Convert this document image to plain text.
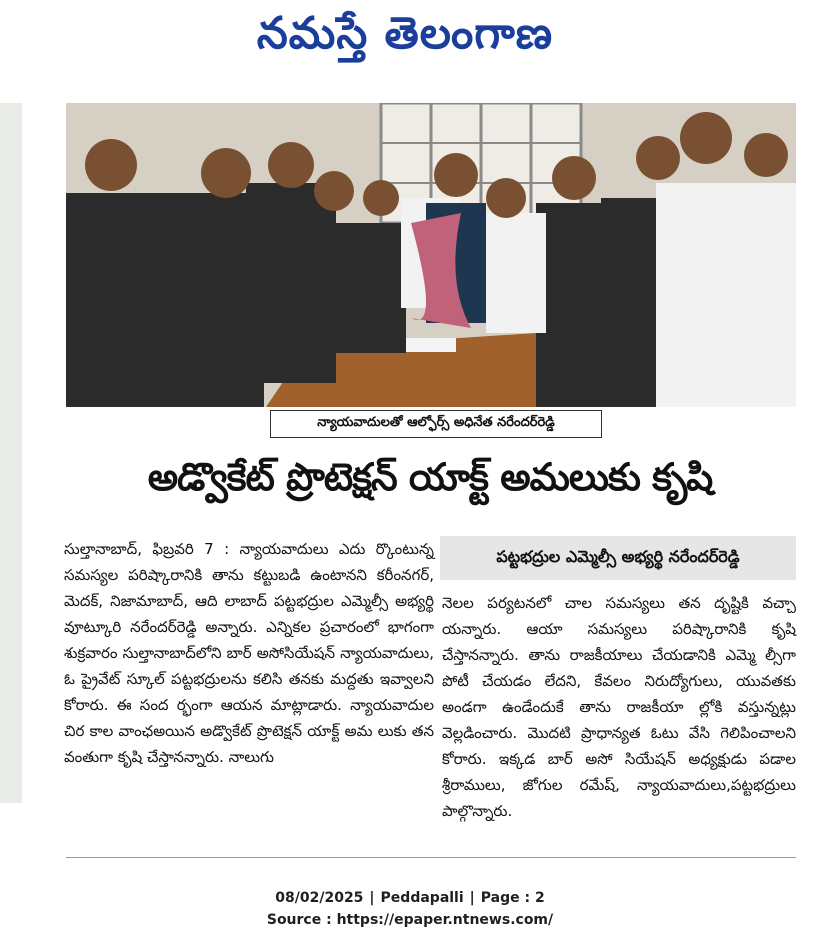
నమస్తే తెలంగాణ
న్యాయవాదులతో ఆల్ఫోర్స్ అధినేత నరేందర్‌రెడ్డి
అడ్వొకేట్ ప్రొటెక్షన్ యాక్ట్ అమలుకు కృషి
సుల్తానాబాద్, ఫిబ్రవరి 7 : న్యాయవాదులు ఎదు ర్కొంటున్న సమస్యల పరిష్కారానికి తాను కట్టుబడి ఉంటానని కరీంనగర్, మెదక్, నిజామాబాద్, ఆది లాబాద్ పట్టభద్రుల ఎమ్మెల్సీ అభ్యర్థి వూట్కూరి నరేందర్‌రెడ్డి అన్నారు. ఎన్నికల ప్రచారంలో భాగంగా శుక్రవారం సుల్తానాబాద్‌లోని బార్ అసోసియేషన్ న్యాయవాదులు, ఓ ప్రైవేట్ స్కూల్ పట్టభద్రులను కలిసి తనకు మద్దతు ఇవ్వాలని కోరారు. ఈ సంద ర్భంగా ఆయన మాట్లాడారు. న్యాయవాదుల చిర కాల వాంఛఅయిన అడ్వొకేట్ ప్రొటెక్షన్ యాక్ట్ అమ లుకు తన వంతుగా కృషి చేస్తానన్నారు. నాలుగు
పట్టభద్రుల ఎమ్మెల్సీ అభ్యర్థి నరేందర్‌రెడ్డి
నెలల పర్యటనలో చాల సమస్యలు తన దృష్టికి వచ్చా యన్నారు. ఆయా సమస్యలు పరిష్కారానికి కృషి చేస్తానన్నారు. తాను రాజకీయాలు చేయడానికి ఎమ్మె ల్సీగా పోటీ చేయడం లేదని, కేవలం నిరుద్యోగులు, యువతకు అండగా ఉండేందుకే తాను రాజకీయా ల్లోకి వస్తున్నట్లు వెల్లడించారు. మొదటి ప్రాధాన్యత ఓటు వేసి గెలిపించాలని కోరారు. ఇక్కడ బార్ అసో సియేషన్ అధ్యక్షుడు పడాల శ్రీరాములు, జోగుల రమేష్, న్యాయవాదులు,పట్టభద్రులు పాల్గొన్నారు.
08/02/2025 | Peddapalli | Page : 2
Source : https://epaper.ntnews.com/
